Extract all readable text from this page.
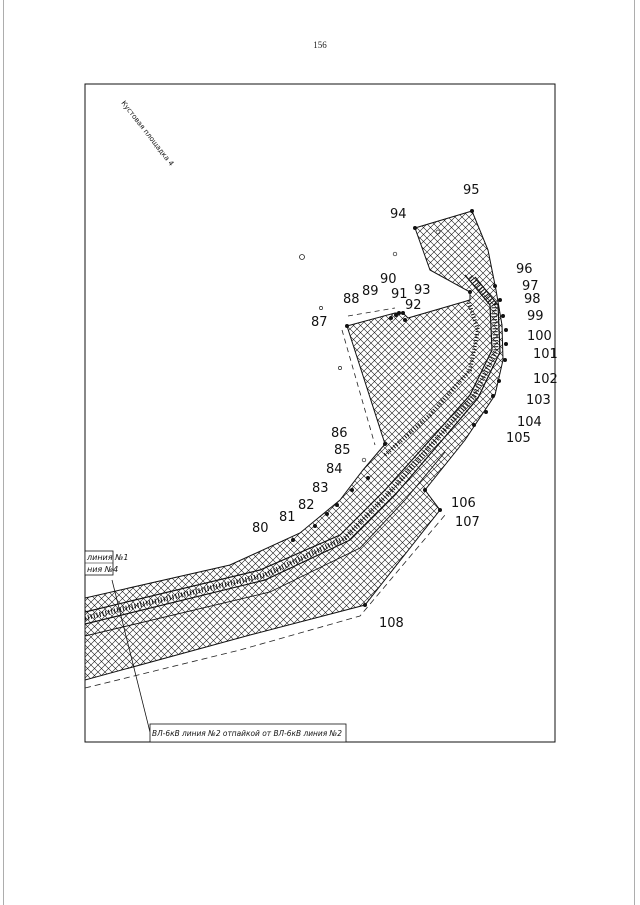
156
линия №1
ния №4
ВЛ-6кВ линия №2 отпайкой от ВЛ-6кВ линия №2
Кустовая площадка 4
80
81
82
83
84
85
86
87
88
89
90
91
92
93
94
95
96
97
98
99
100
101
102
103
104
105
106
107
108
